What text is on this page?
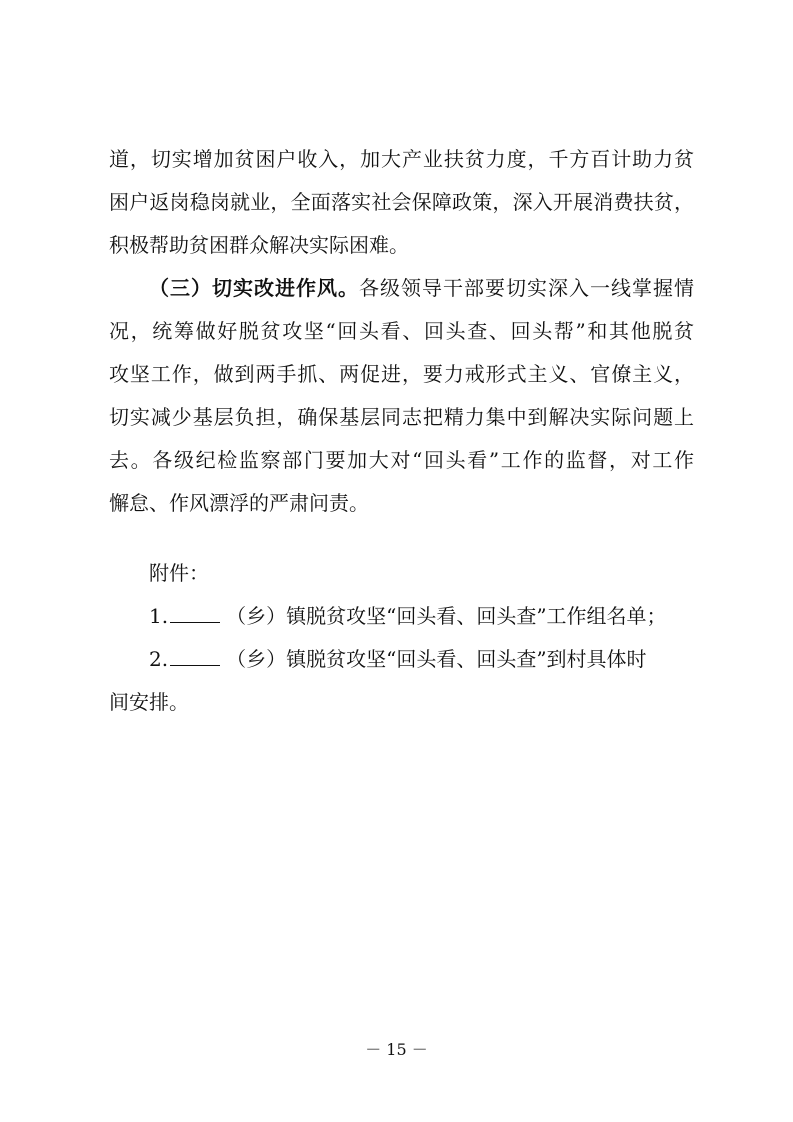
道，切实增加贫困户收入，加大产业扶贫力度，千方百计助力贫
困户返岗稳岗就业，全面落实社会保障政策，深入开展消费扶贫，
积极帮助贫困群众解决实际困难。
（三）切实改进作风。各级领导干部要切实深入一线掌握情
况，统筹做好脱贫攻坚“回头看、回头查、回头帮”和其他脱贫
攻坚工作，做到两手抓、两促进，要力戒形式主义、官僚主义，
切实减少基层负担，确保基层同志把精力集中到解决实际问题上
去。各级纪检监察部门要加大对“回头看”工作的监督，对工作
懈怠、作风漂浮的严肃问责。
附件：
1.	（乡）镇脱贫攻坚“回头看、回头查”工作组名单；
2.	（乡）镇脱贫攻坚“回头看、回头查”到村具体时
间安排。
－ 15 －
